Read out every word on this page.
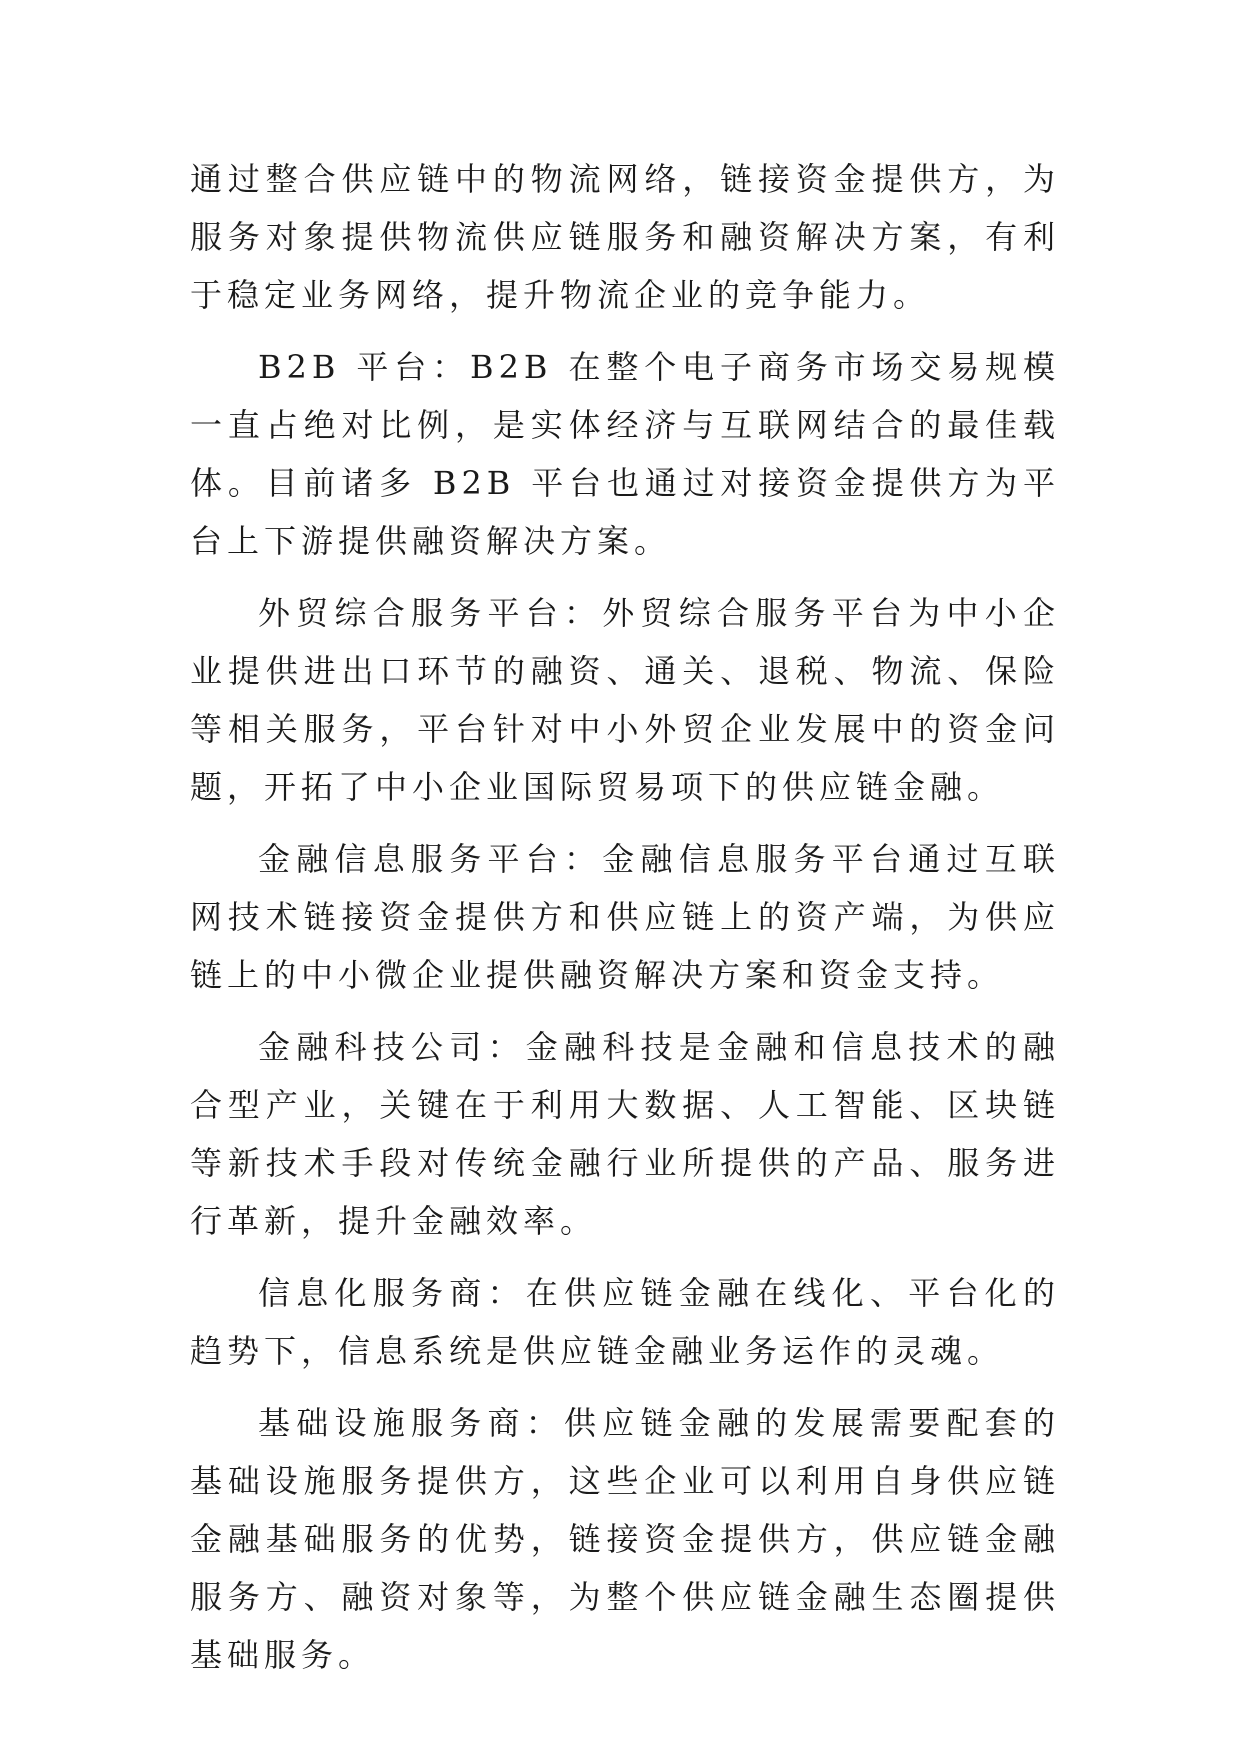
通过整合供应链中的物流网络，链接资金提供方，为服务对象提供物流供应链服务和融资解决方案，有利于稳定业务网络，提升物流企业的竞争能力。

B2B 平台：B2B 在整个电子商务市场交易规模一直占绝对比例，是实体经济与互联网结合的最佳载体。目前诸多 B2B 平台也通过对接资金提供方为平台上下游提供融资解决方案。

外贸综合服务平台：外贸综合服务平台为中小企业提供进出口环节的融资、通关、退税、物流、保险等相关服务，平台针对中小外贸企业发展中的资金问题，开拓了中小企业国际贸易项下的供应链金融。

金融信息服务平台：金融信息服务平台通过互联网技术链接资金提供方和供应链上的资产端，为供应链上的中小微企业提供融资解决方案和资金支持。

金融科技公司：金融科技是金融和信息技术的融合型产业，关键在于利用大数据、人工智能、区块链等新技术手段对传统金融行业所提供的产品、服务进行革新，提升金融效率。

信息化服务商：在供应链金融在线化、平台化的趋势下，信息系统是供应链金融业务运作的灵魂。

基础设施服务商：供应链金融的发展需要配套的基础设施服务提供方，这些企业可以利用自身供应链金融基础服务的优势，链接资金提供方，供应链金融服务方、融资对象等，为整个供应链金融生态圈提供基础服务。
